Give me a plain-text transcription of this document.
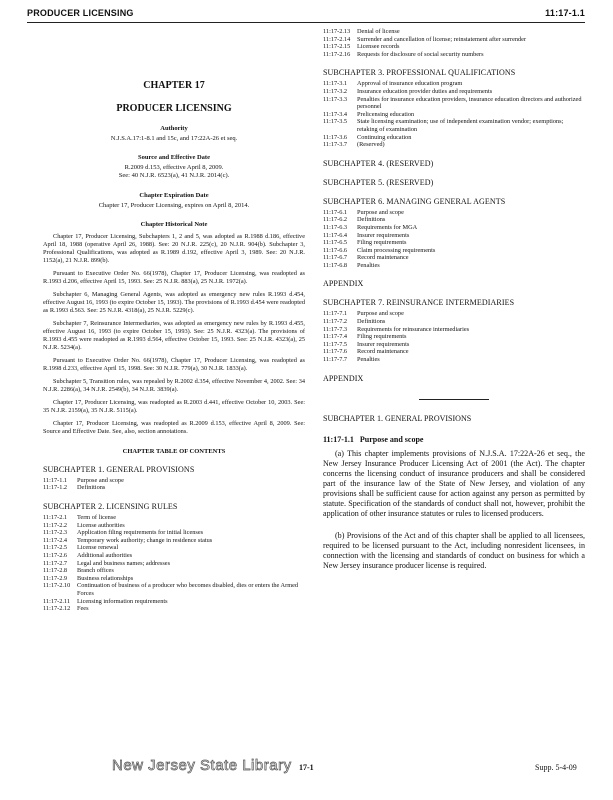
PRODUCER LICENSING	11:17-1.1
CHAPTER 17
PRODUCER LICENSING
Authority
N.J.S.A.17:1-8.1 and 15c, and 17:22A-26 et seq.
Source and Effective Date
R.2009 d.153, effective April 8, 2009.
See: 40 N.J.R. 6523(a), 41 N.J.R. 2014(c).
Chapter Expiration Date
Chapter 17, Producer Licensing, expires on April 8, 2014.
Chapter Historical Note

Chapter 17, Producer Licensing, Subchapters 1, 2 and 5, was adopted as R.1988 d.186, effective April 18, 1988 (operative April 26, 1988). See: 20 N.J.R. 225(c), 20 N.J.R. 904(b). Subchapter 3, Professional Qualifications, was adopted as R.1989 d.192, effective April 3, 1989. See: 20 N.J.R. 1152(a), 21 N.J.R. 899(b).

Pursuant to Executive Order No. 66(1978), Chapter 17, Producer Licensing, was readopted as R.1993 d.206, effective April 15, 1993. See: 25 N.J.R. 883(a), 25 N.J.R. 1972(a).

Subchapter 6, Managing General Agents, was adopted as emergency new rules R.1993 d.454, effective August 16, 1993 (to expire October 15, 1993). The provisions of R.1993 d.454 were readopted as R.1993 d.563. See: 25 N.J.R. 4318(a), 25 N.J.R. 5229(c).

Subchapter 7, Reinsurance Intermediaries, was adopted as emergency new rules by R.1993 d.455, effective August 16, 1993 (to expire October 15, 1993). See: 25 N.J.R. 4323(a). The provisions of R.1993 d.455 were readopted as R.1993 d.564, effective October 15, 1993. See: 25 N.J.R. 4323(a), 25 N.J.R. 5234(a).

Pursuant to Executive Order No. 66(1978), Chapter 17, Producer Licensing, was readopted as R.1998 d.233, effective April 15, 1998. See: 30 N.J.R. 779(a), 30 N.J.R. 1833(a).

Subchapter 5, Transition rules, was repealed by R.2002 d.354, effective November 4, 2002. See: 34 N.J.R. 2286(a), 34 N.J.R. 2549(b), 34 N.J.R. 3839(a).

Chapter 17, Producer Licensing, was readopted as R.2003 d.441, effective October 10, 2003. See: 35 N.J.R. 2159(a), 35 N.J.R. 5115(a).

Chapter 17, Producer Licensing, was readopted as R.2009 d.153, effective April 8, 2009. See: Source and Effective Date. See, also, section annotations.

CHAPTER TABLE OF CONTENTS
SUBCHAPTER 1. GENERAL PROVISIONS
11:17-1.1	Purpose and scope
11:17-1.2	Definitions
SUBCHAPTER 2. LICENSING RULES
11:17-2.1	Term of license
11:17-2.2	License authorities
11:17-2.3	Application filing requirements for initial licenses
11:17-2.4	Temporary work authority; change in residence status
11:17-2.5	License renewal
11:17-2.6	Additional authorities
11:17-2.7	Legal and business names; addresses
11:17-2.8	Branch offices
11:17-2.9	Business relationships
11:17-2.10	Continuation of business of a producer who becomes disabled, dies or enters the Armed Forces
11:17-2.11	Licensing information requirements
11:17-2.12	Fees
11:17-2.13	Denial of license
11:17-2.14	Surrender and cancellation of license; reinstatement after surrender
11:17-2.15	Licensee records
11:17-2.16	Requests for disclosure of social security numbers
SUBCHAPTER 3. PROFESSIONAL QUALIFICATIONS
11:17-3.1	Approval of insurance education program
11:17-3.2	Insurance education provider duties and requirements
11:17-3.3	Penalties for insurance education providers, insurance education directors and authorized personnel
11:17-3.4	Prelicensing education
11:17-3.5	State licensing examination; use of independent examination vendor; exemptions; retaking of examination
11:17-3.6	Continuing education
11:17-3.7	(Reserved)
SUBCHAPTER 4. (RESERVED)
SUBCHAPTER 5. (RESERVED)
SUBCHAPTER 6. MANAGING GENERAL AGENTS
11:17-6.1	Purpose and scope
11:17-6.2	Definitions
11:17-6.3	Requirements for MGA
11:17-6.4	Insurer requirements
11:17-6.5	Filing requirements
11:17-6.6	Claim processing requirements
11:17-6.7	Record maintenance
11:17-6.8	Penalties
APPENDIX
SUBCHAPTER 7. REINSURANCE INTERMEDIARIES
11:17-7.1	Purpose and scope
11:17-7.2	Definitions
11:17-7.3	Requirements for reinsurance intermediaries
11:17-7.4	Filing requirements
11:17-7.5	Insurer requirements
11:17-7.6	Record maintenance
11:17-7.7	Penalties
APPENDIX
SUBCHAPTER 1. GENERAL PROVISIONS
11:17-1.1 Purpose and scope

(a) This chapter implements provisions of N.J.S.A. 17:22A-26 et seq., the New Jersey Insurance Producer Licensing Act of 2001 (the Act). The chapter concerns the licensing conduct of insurance producers and shall be considered part of the insurance law of the State of New Jersey, and violation of any provisions shall be sufficient cause for action against any person as permitted by statute. Specification of the standards of conduct shall not, however, prohibit the application of other insurance statutes or rules to licensed producers.

(b) Provisions of the Act and of this chapter shall be applied to all licensees, required to be licensed pursuant to the Act, including nonresident licensees, in connection with the licensing and standards of conduct on business for which a New Jersey insurance producer license is required.

New Jersey State Library 17-1	Supp. 5-4-09
